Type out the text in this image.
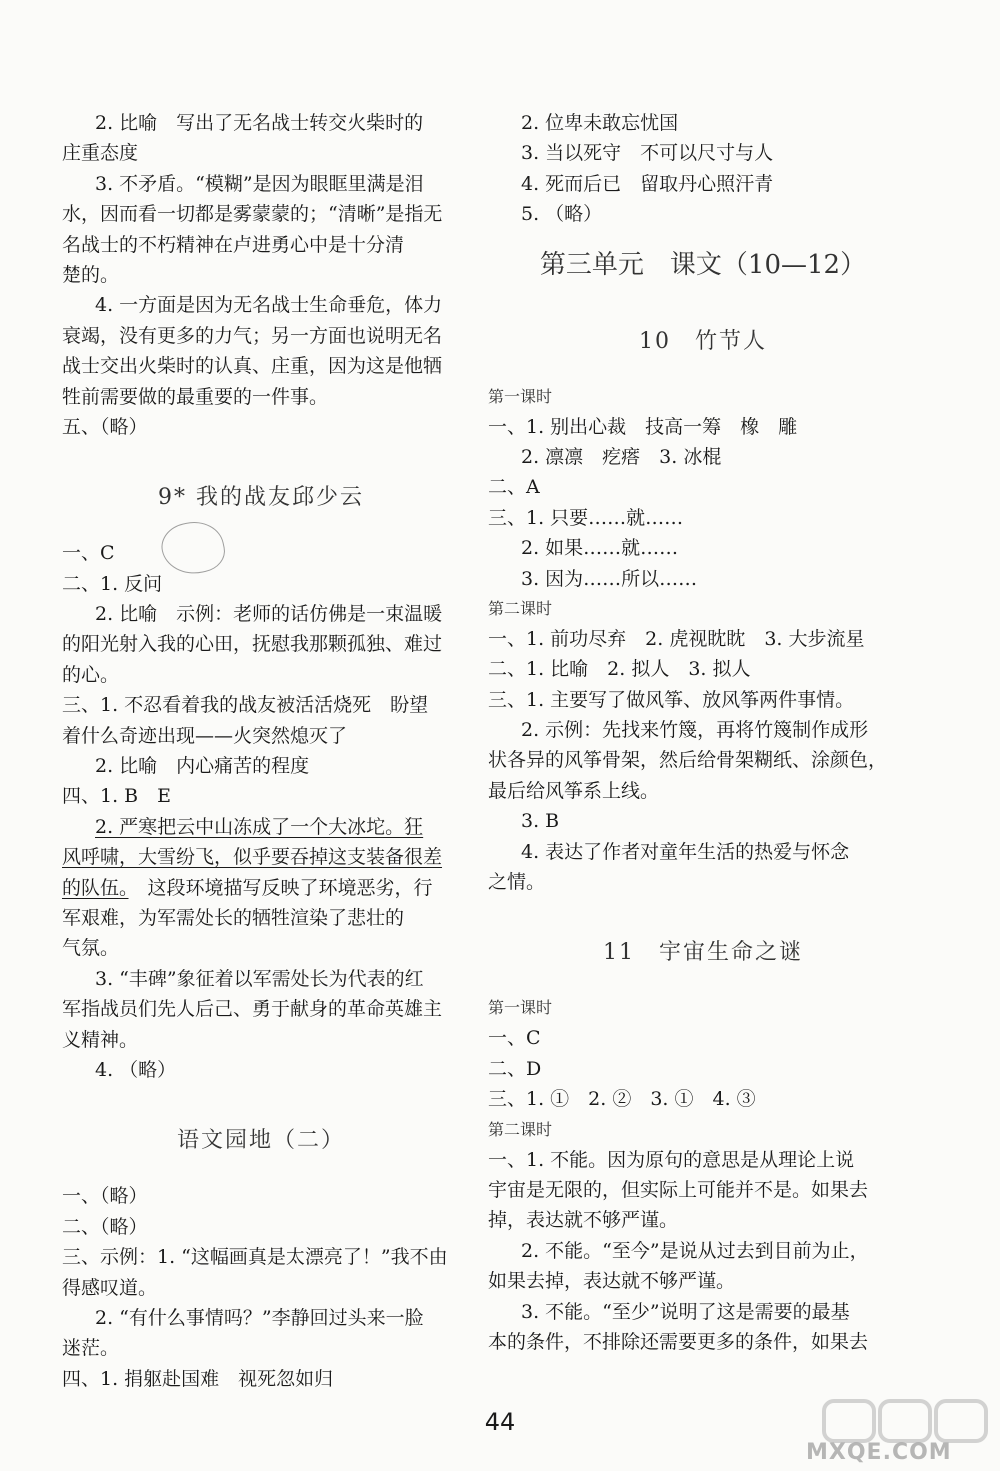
2. 比喻　写出了无名战士转交火柴时的
庄重态度
3. 不矛盾。“模糊”是因为眼眶里满是泪
水，因而看一切都是雾蒙蒙的；“清晰”是指无
名战士的不朽精神在卢进勇心中是十分清
楚的。
4. 一方面是因为无名战士生命垂危，体力
衰竭，没有更多的力气；另一方面也说明无名
战士交出火柴时的认真、庄重，因为这是他牺
牲前需要做的最重要的一件事。
五、（略）
9* 我的战友邱少云
一、C
二、1. 反问
2. 比喻　示例：老师的话仿佛是一束温暖
的阳光射入我的心田，抚慰我那颗孤独、难过
的心。
三、1. 不忍看着我的战友被活活烧死　盼望
着什么奇迹出现——火突然熄灭了
2. 比喻　内心痛苦的程度
四、1. B　E
2. 严寒把云中山冻成了一个大冰坨。狂
风呼啸，大雪纷飞，似乎要吞掉这支装备很差
的队伍。　这段环境描写反映了环境恶劣，行
军艰难，为军需处长的牺牲渲染了悲壮的
气氛。
3. “丰碑”象征着以军需处长为代表的红
军指战员们先人后己、勇于献身的革命英雄主
义精神。
4. （略）
语文园地（二）
一、（略）
二、（略）
三、示例：1. “这幅画真是太漂亮了！”我不由
得感叹道。
2. “有什么事情吗？”李静回过头来一脸
迷茫。
四、1. 捐躯赴国难　视死忽如归
2. 位卑未敢忘忧国
3. 当以死守　不可以尺寸与人
4. 死而后已　留取丹心照汗青
5. （略）
第三单元　课文（10—12）
10　竹节人
第一课时
一、1. 别出心裁　技高一筹　橡　雕
2. 凛凛　疙瘩　3. 冰棍
二、A
三、1. 只要……就……
2. 如果……就……
3. 因为……所以……
第二课时
一、1. 前功尽弃　2. 虎视眈眈　3. 大步流星
二、1. 比喻　2. 拟人　3. 拟人
三、1. 主要写了做风筝、放风筝两件事情。
2. 示例：先找来竹篾，再将竹篾制作成形
状各异的风筝骨架，然后给骨架糊纸、涂颜色，
最后给风筝系上线。
3. B
4. 表达了作者对童年生活的热爱与怀念
之情。
11　宇宙生命之谜
第一课时
一、C
二、D
三、1. ①　2. ②　3. ①　4. ③
第二课时
一、1. 不能。因为原句的意思是从理论上说
宇宙是无限的，但实际上可能并不是。如果去
掉，表达就不够严谨。
2. 不能。“至今”是说从过去到目前为止，
如果去掉，表达就不够严谨。
3. 不能。“至少”说明了这是需要的最基
本的条件，不排除还需要更多的条件，如果去
44
MXQE.COM
